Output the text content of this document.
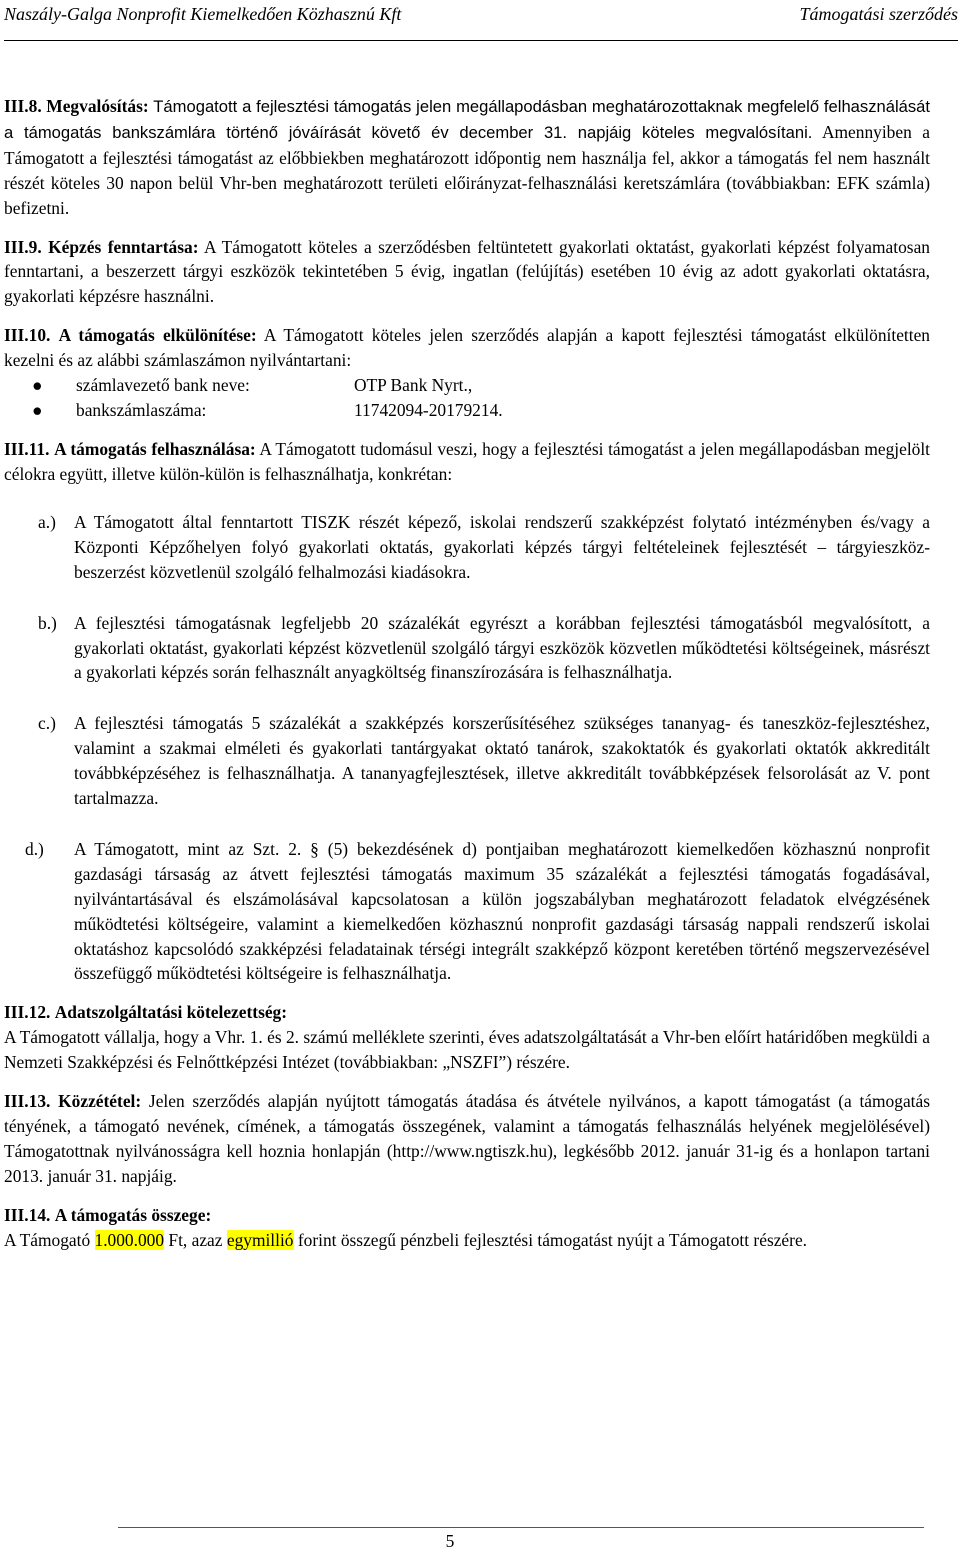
Naszály-Galga Nonprofit Kiemelkedően Közhasznú Kft	Támogatási szerződés

III.8. Megvalósítás: Támogatott a fejlesztési támogatás jelen megállapodásban meghatározottaknak megfelelő felhasználását a támogatás bankszámlára történő jóváírását követő év december 31. napjáig köteles megvalósítani. Amennyiben a Támogatott a fejlesztési támogatást az előbbiekben meghatározott időpontig nem használja fel, akkor a támogatás fel nem használt részét köteles 30 napon belül Vhr-ben meghatározott területi előirányzat-felhasználási keretszámlára (továbbiakban: EFK számla) befizetni.

III.9. Képzés fenntartása: A Támogatott köteles a szerződésben feltüntetett gyakorlati oktatást, gyakorlati képzést folyamatosan fenntartani, a beszerzett tárgyi eszközök tekintetében 5 évig, ingatlan (felújítás) esetében 10 évig az adott gyakorlati oktatásra, gyakorlati képzésre használni.

III.10. A támogatás elkülönítése: A Támogatott köteles jelen szerződés alapján a kapott fejlesztési támogatást elkülönítetten kezelni és az alábbi számlaszámon nyilvántartani:

● számlavezető bank neve:	OTP Bank Nyrt.,

● bankszámlaszáma:	11742094-20179214.

III.11. A támogatás felhasználása: A Támogatott tudomásul veszi, hogy a fejlesztési támogatást a jelen megállapodásban megjelölt célokra együtt, illetve külön-külön is felhasználhatja, konkrétan:

a.) A Támogatott által fenntartott TISZK részét képező, iskolai rendszerű szakképzést folytató intézményben és/vagy a Központi Képzőhelyen folyó gyakorlati oktatás, gyakorlati képzés tárgyi feltételeinek fejlesztését – tárgyieszköz-beszerzést közvetlenül szolgáló felhalmozási kiadásokra.

b.) A fejlesztési támogatásnak legfeljebb 20 százalékát egyrészt a korábban fejlesztési támogatásból megvalósított, a gyakorlati oktatást, gyakorlati képzést közvetlenül szolgáló tárgyi eszközök közvetlen működtetési költségeinek, másrészt a gyakorlati képzés során felhasznált anyagköltség finanszírozására is felhasználhatja.

c.) A fejlesztési támogatás 5 százalékát a szakképzés korszerűsítéséhez szükséges tananyag- és taneszköz-fejlesztéshez, valamint a szakmai elméleti és gyakorlati tantárgyakat oktató tanárok, szakoktatók és gyakorlati oktatók akkreditált továbbképzéséhez is felhasználhatja. A tananyagfejlesztések, illetve akkreditált továbbképzések felsorolását az V. pont tartalmazza.

d.) A Támogatott, mint az Szt. 2. § (5) bekezdésének d) pontjaiban meghatározott kiemelkedően közhasznú nonprofit gazdasági társaság az átvett fejlesztési támogatás maximum 35 százalékát a fejlesztési támogatás fogadásával, nyilvántartásával és elszámolásával kapcsolatosan a külön jogszabályban meghatározott feladatok elvégzésének működtetési költségeire, valamint a kiemelkedően közhasznú nonprofit gazdasági társaság nappali rendszerű iskolai oktatáshoz kapcsolódó szakképzési feladatainak térségi integrált szakképző központ keretében történő megszervezésével összefüggő működtetési költségeire is felhasználhatja.

III.12. Adatszolgáltatási kötelezettség:

A Támogatott vállalja, hogy a Vhr. 1. és 2. számú melléklete szerinti, éves adatszolgáltatását a Vhr-ben előírt határidőben megküldi a Nemzeti Szakképzési és Felnőttképzési Intézet (továbbiakban: „NSZFI”) részére.

III.13. Közzététel: Jelen szerződés alapján nyújtott támogatás átadása és átvétele nyilvános, a kapott támogatást (a támogatás tényének, a támogató nevének, címének, a támogatás összegének, valamint a támogatás felhasználás helyének megjelölésével) Támogatottnak nyilvánosságra kell hoznia honlapján (http://www.ngtiszk.hu), legkésőbb 2012. január 31-ig és a honlapon tartani 2013. január 31. napjáig.

III.14. A támogatás összege:

A Támogató 1.000.000 Ft, azaz egymillió forint összegű pénzbeli fejlesztési támogatást nyújt a Támogatott részére.

5
